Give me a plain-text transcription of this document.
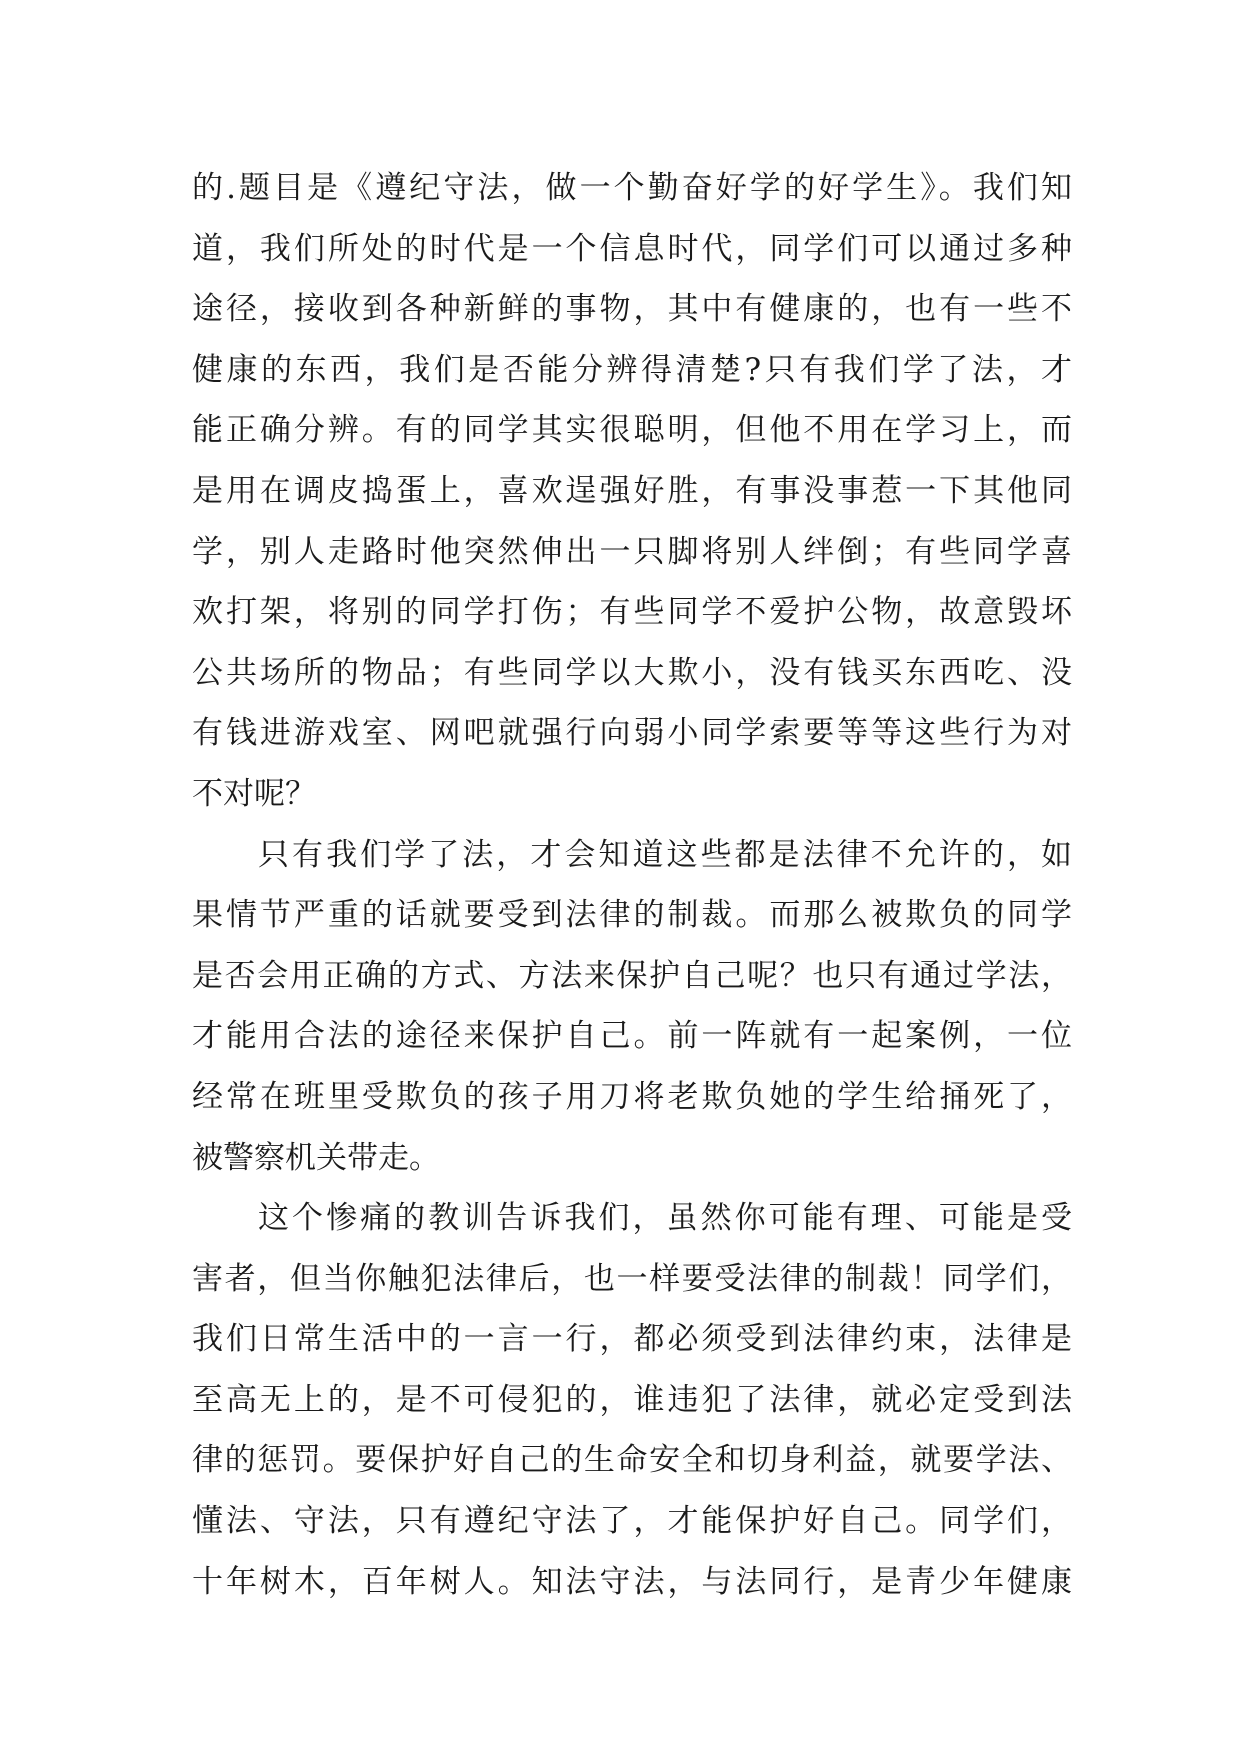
的.题目是《遵纪守法，做一个勤奋好学的好学生》。我们知
道，我们所处的时代是一个信息时代，同学们可以通过多种
途径，接收到各种新鲜的事物，其中有健康的，也有一些不
健康的东西，我们是否能分辨得清楚?只有我们学了法，才
能正确分辨。有的同学其实很聪明，但他不用在学习上，而
是用在调皮捣蛋上，喜欢逞强好胜，有事没事惹一下其他同
学，别人走路时他突然伸出一只脚将别人绊倒；有些同学喜
欢打架，将别的同学打伤；有些同学不爱护公物，故意毁坏
公共场所的物品；有些同学以大欺小，没有钱买东西吃、没
有钱进游戏室、网吧就强行向弱小同学索要等等这些行为对
不对呢？
只有我们学了法，才会知道这些都是法律不允许的，如
果情节严重的话就要受到法律的制裁。而那么被欺负的同学
是否会用正确的方式、方法来保护自己呢？也只有通过学法，
才能用合法的途径来保护自己。前一阵就有一起案例，一位
经常在班里受欺负的孩子用刀将老欺负她的学生给捅死了，
被警察机关带走。
这个惨痛的教训告诉我们，虽然你可能有理、可能是受
害者，但当你触犯法律后，也一样要受法律的制裁！同学们，
我们日常生活中的一言一行，都必须受到法律约束，法律是
至高无上的，是不可侵犯的，谁违犯了法律，就必定受到法
律的惩罚。要保护好自己的生命安全和切身利益，就要学法、
懂法、守法，只有遵纪守法了，才能保护好自己。同学们，
十年树木，百年树人。知法守法，与法同行，是青少年健康
